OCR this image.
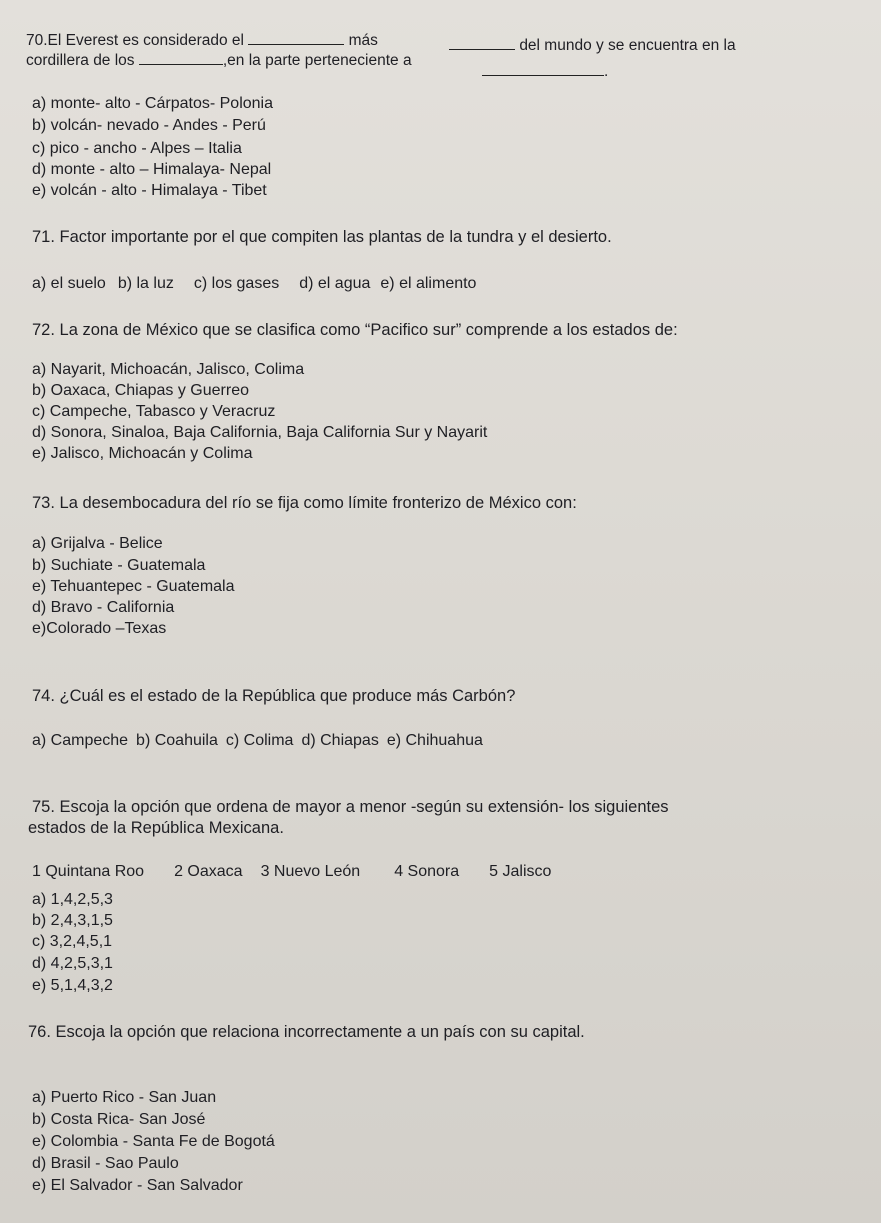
70.El Everest es considerado el	más	del mundo y se encuentra en la
cordillera de los	,en la parte perteneciente a
.
a) monte- alto - Cárpatos- Polonia
b) volcán- nevado - Andes - Perú
c) pico - ancho - Alpes – Italia
d) monte - alto – Himalaya- Nepal
e) volcán - alto - Himalaya - Tibet
71. Factor importante por el que compiten las plantas de la tundra y el desierto.
a) el suelo b) la luz c) los gases d) el agua e) el alimento
72. La zona de México que se clasifica como “Pacifico sur” comprende a los estados de:
a) Nayarit, Michoacán, Jalisco, Colima
b) Oaxaca, Chiapas y Guerreo
c) Campeche, Tabasco y Veracruz
d) Sonora, Sinaloa, Baja California, Baja California Sur y Nayarit
e) Jalisco, Michoacán y Colima
73. La desembocadura del río se fija como límite fronterizo de México con:
a) Grijalva - Belice
b) Suchiate - Guatemala
e) Tehuantepec - Guatemala
d) Bravo - California
e)Colorado –Texas
74. ¿Cuál es el estado de la República que produce más Carbón?
a) Campeche b) Coahuila c) Colima d) Chiapas e) Chihuahua
75. Escoja la opción que ordena de mayor a menor -según su extensión- los siguientes
estados de la República Mexicana.
1 Quintana Roo 2 Oaxaca 3 Nuevo León 4 Sonora 5 Jalisco
a) 1,4,2,5,3
b) 2,4,3,1,5
c) 3,2,4,5,1
d) 4,2,5,3,1
e) 5,1,4,3,2
76. Escoja la opción que relaciona incorrectamente a un país con su capital.
a) Puerto Rico - San Juan
b) Costa Rica- San José
e) Colombia - Santa Fe de Bogotá
d) Brasil - Sao Paulo
e) El Salvador - San Salvador
